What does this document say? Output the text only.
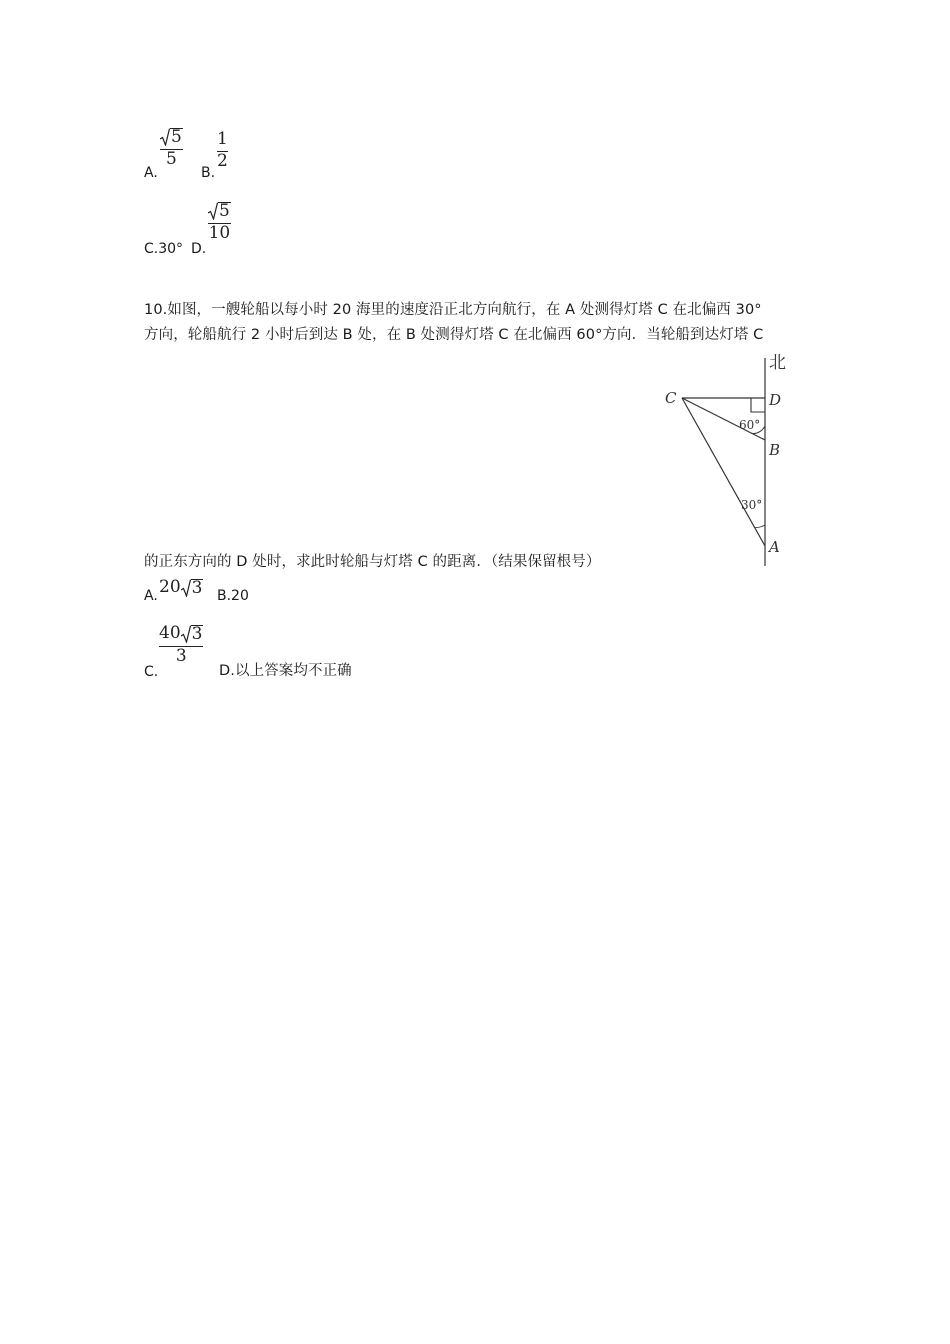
A.
5
5
B.
1
2
C.30° D.
5
10
10.如图，一艘轮船以每小时 20 海里的速度沿正北方向航行，在 A 处测得灯塔 C 在北偏西 30°
方向，轮船航行 2 小时后到达 B 处，在 B 处测得灯塔 C 在北偏西 60°方向．当轮船到达灯塔 C
北
C	D
B
A
60°
30°
的正东方向的 D 处时，求此时轮船与灯塔 C 的距离．（结果保留根号）
A. 20 3 B.20
C.
40 3
3
D.以上答案均不正确
